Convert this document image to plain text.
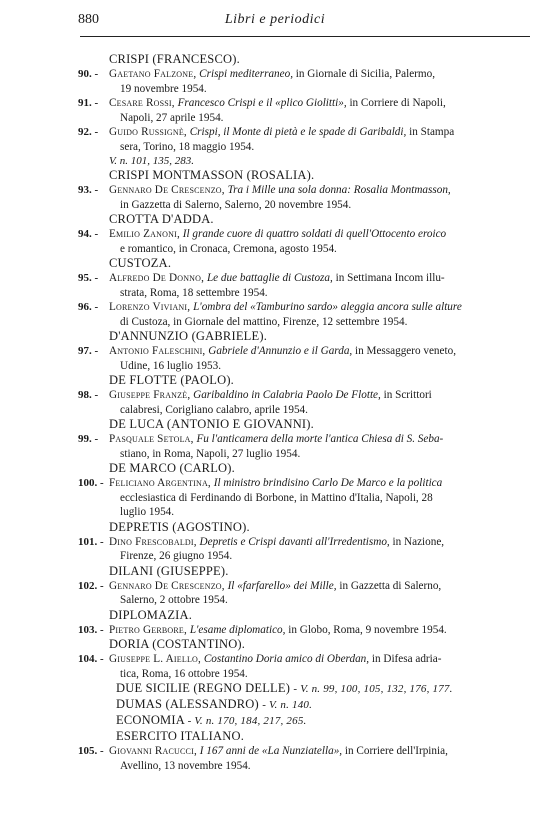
880	Libri e periodici
CRISPI (FRANCESCO).
90. - Gaetano Falzone, Crispi mediterraneo, in Giornale di Sicilia, Palermo,
19 novembre 1954.
91. - Cesare Rossi, Francesco Crispi e il «plico Giolitti», in Corriere di Napoli,
Napoli, 27 aprile 1954.
92. - Guido Russignè, Crispi, il Monte di pietà e le spade di Garibaldi, in Stampa
sera, Torino, 18 maggio 1954.
V. n. 101, 135, 283.
CRISPI MONTMASSON (ROSALIA).
93. - Gennaro De Crescenzo, Tra i Mille una sola donna: Rosalia Montmasson,
in Gazzetta di Salerno, Salerno, 20 novembre 1954.
CROTTA D'ADDA.
94. - Emilio Zanoni, Il grande cuore di quattro soldati di quell'Ottocento eroico
e romantico, in Cronaca, Cremona, agosto 1954.
CUSTOZA.
95. - Alfredo De Donno, Le due battaglie di Custoza, in Settimana Incom illu-
strata, Roma, 18 settembre 1954.
96. - Lorenzo Viviani, L'ombra del «Tamburino sardo» aleggia ancora sulle alture
di Custoza, in Giornale del mattino, Firenze, 12 settembre 1954.
D'ANNUNZIO (GABRIELE).
97. - Antonio Faleschini, Gabriele d'Annunzio e il Garda, in Messaggero veneto,
Udine, 16 luglio 1953.
DE FLOTTE (PAOLO).
98. - Giuseppe Franzè, Garibaldino in Calabria Paolo De Flotte, in Scrittori
calabresi, Corigliano calabro, aprile 1954.
DE LUCA (ANTONIO E GIOVANNI).
99. - Pasquale Setola, Fu l'anticamera della morte l'antica Chiesa di S. Seba-
stiano, in Roma, Napoli, 27 luglio 1954.
DE MARCO (CARLO).
100. - Feliciano Argentina, Il ministro brindisino Carlo De Marco e la politica
ecclesiastica di Ferdinando di Borbone, in Mattino d'Italia, Napoli, 28
luglio 1954.
DEPRETIS (AGOSTINO).
101. - Dino Frescobaldi, Depretis e Crispi davanti all'Irredentismo, in Nazione,
Firenze, 26 giugno 1954.
DILANI (GIUSEPPE).
102. - Gennaro De Crescenzo, Il «farfarello» dei Mille, in Gazzetta di Salerno,
Salerno, 2 ottobre 1954.
DIPLOMAZIA.
103. - Pietro Gerbore, L'esame diplomatico, in Globo, Roma, 9 novembre 1954.
DORIA (COSTANTINO).
104. - Giuseppe L. Aiello, Costantino Doria amico di Oberdan, in Difesa adria-
tica, Roma, 16 ottobre 1954.
DUE SICILIE (REGNO DELLE) - V. n. 99, 100, 105, 132, 176, 177.
DUMAS (ALESSANDRO) - V. n. 140.
ECONOMIA - V. n. 170, 184, 217, 265.
ESERCITO ITALIANO.
105. - Giovanni Racucci, I 167 anni de «La Nunziatella», in Corriere dell'Irpinia,
Avellino, 13 novembre 1954.
